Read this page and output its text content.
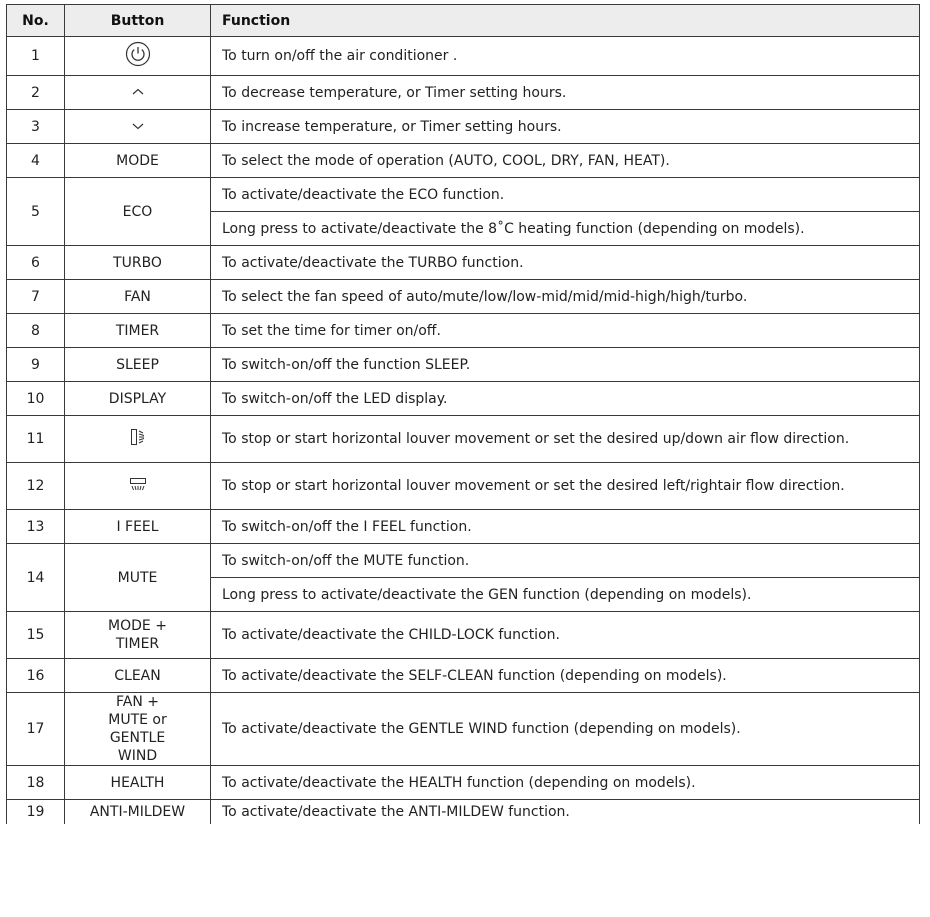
No.	Button	Function
1		To turn on/off the air conditioner .
2		To decrease temperature, or Timer setting hours.
3		To increase temperature, or Timer setting hours.
4	MODE	To select the mode of operation (AUTO, COOL, DRY, FAN, HEAT).
5	ECO	To activate/deactivate the ECO function.
		Long press to activate/deactivate the 8˚C heating function (depending on models).
6	TURBO	To activate/deactivate the TURBO function.
7	FAN	To select the fan speed of auto/mute/low/low-mid/mid/mid-high/high/turbo.
8	TIMER	To set the time for timer on/off.
9	SLEEP	To switch-on/off the function SLEEP.
10	DISPLAY	To switch-on/off the LED display.
11		To stop or start horizontal louver movement or set the desired up/down air flow direction.
12		To stop or start horizontal louver movement or set the desired left/rightair flow direction.
13	I FEEL	To switch-on/off the I FEEL function.
14	MUTE	To switch-on/off the MUTE function.
		Long press to activate/deactivate the GEN function (depending on models).
15	MODE + TIMER	To activate/deactivate the CHILD-LOCK function.
16	CLEAN	To activate/deactivate the SELF-CLEAN function (depending on models).
17	FAN + MUTE or GENTLE WIND	To activate/deactivate the GENTLE WIND function (depending on models).
18	HEALTH	To activate/deactivate the HEALTH function (depending on models).
19	ANTI-MILDEW	To activate/deactivate the ANTI-MILDEW function.
